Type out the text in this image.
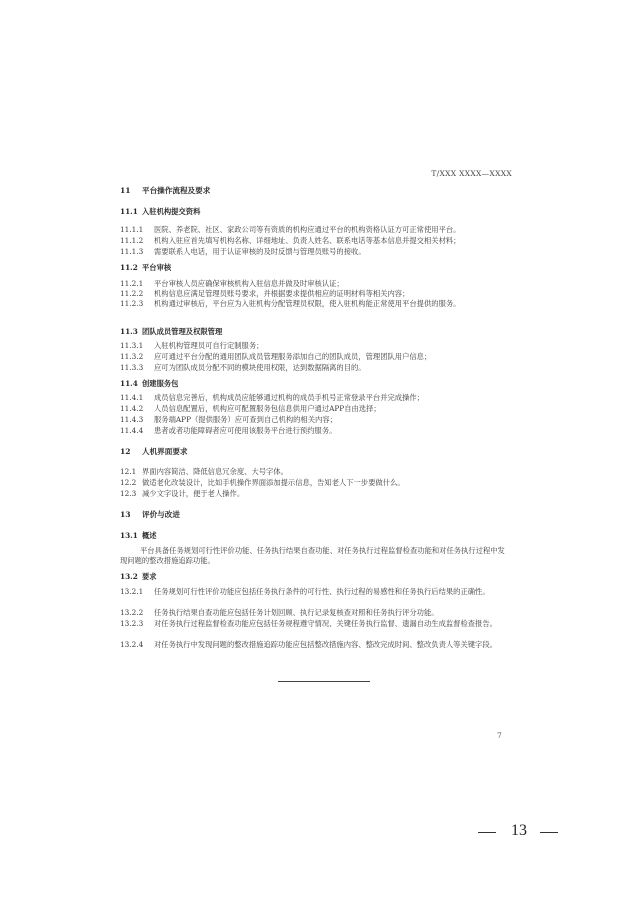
T/XXX XXXX—XXXX
11 平台操作流程及要求
11.1 入驻机构提交资料
11.1.1 医院、养老院、社区、家政公司等有资质的机构应通过平台的机构资格认证方可正常使用平台。
11.1.2 机构入驻应首先填写机构名称、详细地址、负责人姓名、联系电话等基本信息并提交相关材料；
11.1.3 需要联系人电话，用于认证审核的及时反馈与管理员账号的接收。
11.2 平台审核
11.2.1 平台审核人员应确保审核机构入驻信息并做及时审核认证；
11.2.2 机构信息应满足管理员账号要求，并根据要求提供相应的证明材料等相关内容；
11.2.3 机构通过审核后，平台应为入驻机构分配管理员权限，使入驻机构能正常使用平台提供的服务。
11.3 团队成员管理及权限管理
11.3.1 入驻机构管理员可自行定制服务；
11.3.2 应可通过平台分配的通用团队成员管理服务添加自己的团队成员，管理团队用户信息；
11.3.3 应可为团队成员分配不同的模块使用权限，达到数据隔离的目的。
11.4 创建服务包
11.4.1 成员信息完善后，机构成员应能够通过机构的成员手机号正常登录平台并完成操作；
11.4.2 人员信息配置后，机构应可配置服务包信息供用户通过APP自由选择；
11.4.3 服务端APP（提供服务）应可查到自己机构的相关内容；
11.4.4 患者或者功能障碍者应可使用该服务平台进行预约服务。
12 人机界面要求
12.1 界面内容简洁、降低信息冗余度、大号字体。
12.2 做适老化改装设计，比如手机操作界面添加提示信息，告知老人下一步要做什么。
12.3 减少文字设计，便于老人操作。
13 评价与改进
13.1 概述
平台具备任务规划可行性评价功能、任务执行结果自查功能、对任务执行过程监督检查功能和对任务执行过程中发现问题的整改措施追踪功能。
13.2 要求
13.2.1 任务规划可行性评价功能应包括任务执行条件的可行性、执行过程的易感性和任务执行后结果的正确性。
13.2.2 任务执行结果自查功能应包括任务计划回顾、执行记录复核查对照和任务执行评分功能。
13.2.3 对任务执行过程监督检查功能应包括任务规程遵守情况、关键任务执行监督、遗漏自动生成监督检查报告。
13.2.4 对任务执行中发现问题的整改措施追踪功能应包括整改措施内容、整改完成时间、整改负责人等关键字段。
7
13
